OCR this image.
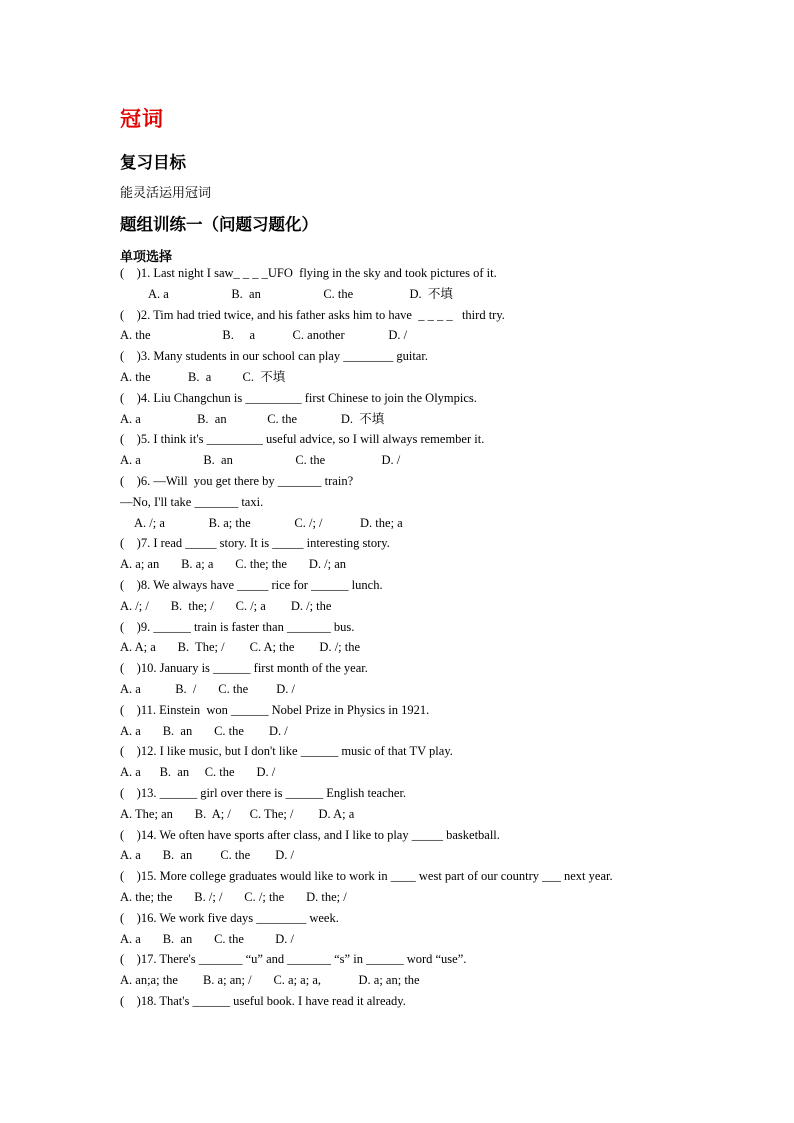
冠词
复习目标
能灵活运用冠词
题组训练一（问题习题化）
单项选择
(    )1. Last night I saw_ _ _ _UFO  flying in the sky and took pictures of it.
A. a                    B.  an                    C. the                  D.  不填
(    )2. Tim had tried twice, and his father asks him to have  _ _ _ _   third try.
A. the                       B.     a            C. another              D. /
(    )3. Many students in our school can play ________ guitar.
A. the            B.  a          C.  不填
(    )4. Liu Changchun is _________ first Chinese to join the Olympics.
A. a                  B.  an             C. the              D.  不填
(    )5. I think it's _________ useful advice, so I will always remember it.
A. a                    B.  an                    C. the                  D. /
(    )6. —Will  you get there by _______ train?
—No, I'll take _______ taxi.
A. /; a              B. a; the              C. /; /            D. the; a
(    )7. I read _____ story. It is _____ interesting story.
A. a; an       B. a; a       C. the; the       D. /; an
(    )8. We always have _____ rice for ______ lunch.
A. /; /       B.  the; /       C. /; a        D. /; the
(    )9. ______ train is faster than _______ bus.
A. A; a       B.  The; /        C. A; the        D. /; the
(    )10. January is ______ first month of the year.
A. a           B.  /       C. the         D. /
(    )11. Einstein  won ______ Nobel Prize in Physics in 1921.
A. a       B.  an       C. the        D. /
(    )12. I like music, but I don't like ______ music of that TV play.
A. a      B.  an     C. the       D. /
(    )13. ______ girl over there is ______ English teacher.
A. The; an       B.  A; /      C. The; /        D. A; a
(    )14. We often have sports after class, and I like to play _____ basketball.
A. a       B.  an         C. the        D. /
(    )15. More college graduates would like to work in ____ west part of our country ___ next year.
A. the; the       B. /; /       C. /; the       D. the; /
(    )16. We work five days ________ week.
A. a       B.  an       C. the          D. /
(    )17. There's _______ “u” and _______ “s” in ______ word “use”.
A. an;a; the        B. a; an; /       C. a; a; a,            D. a; an; the
(    )18. That's ______ useful book. I have read it already.
